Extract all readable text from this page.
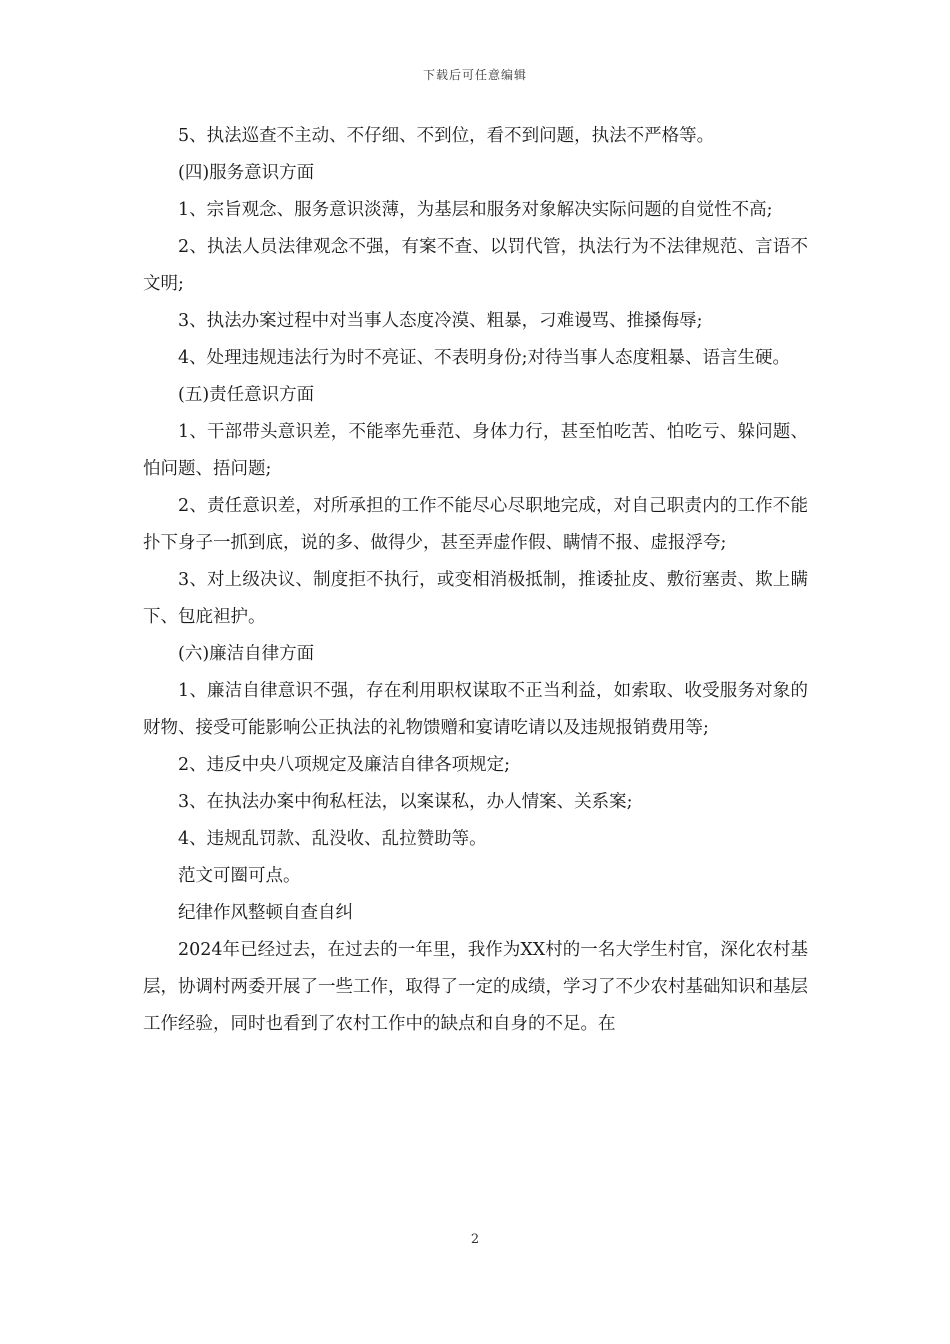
下载后可任意编辑

5、执法巡查不主动、不仔细、不到位，看不到问题，执法不严格等。

(四)服务意识方面

1、宗旨观念、服务意识淡薄，为基层和服务对象解决实际问题的自觉性不高;

2、执法人员法律观念不强，有案不查、以罚代管，执法行为不法律规范、言语不文明;

3、执法办案过程中对当事人态度冷漠、粗暴，刁难谩骂、推搡侮辱;

4、处理违规违法行为时不亮证、不表明身份;对待当事人态度粗暴、语言生硬。

(五)责任意识方面

1、干部带头意识差，不能率先垂范、身体力行，甚至怕吃苦、怕吃亏、躲问题、怕问题、捂问题;

2、责任意识差，对所承担的工作不能尽心尽职地完成，对自己职责内的工作不能扑下身子一抓到底，说的多、做得少，甚至弄虚作假、瞒情不报、虚报浮夸;

3、对上级决议、制度拒不执行，或变相消极抵制，推诿扯皮、敷衍塞责、欺上瞒下、包庇袒护。

(六)廉洁自律方面

1、廉洁自律意识不强，存在利用职权谋取不正当利益，如索取、收受服务对象的财物、接受可能影响公正执法的礼物馈赠和宴请吃请以及违规报销费用等;

2、违反中央八项规定及廉洁自律各项规定;

3、在执法办案中徇私枉法，以案谋私，办人情案、关系案;

4、违规乱罚款、乱没收、乱拉赞助等。

范文可圈可点。

纪律作风整顿自查自纠

2024年已经过去，在过去的一年里，我作为XX村的一名大学生村官，深化农村基层，协调村两委开展了一些工作，取得了一定的成绩，学习了不少农村基础知识和基层工作经验，同时也看到了农村工作中的缺点和自身的不足。在

2
